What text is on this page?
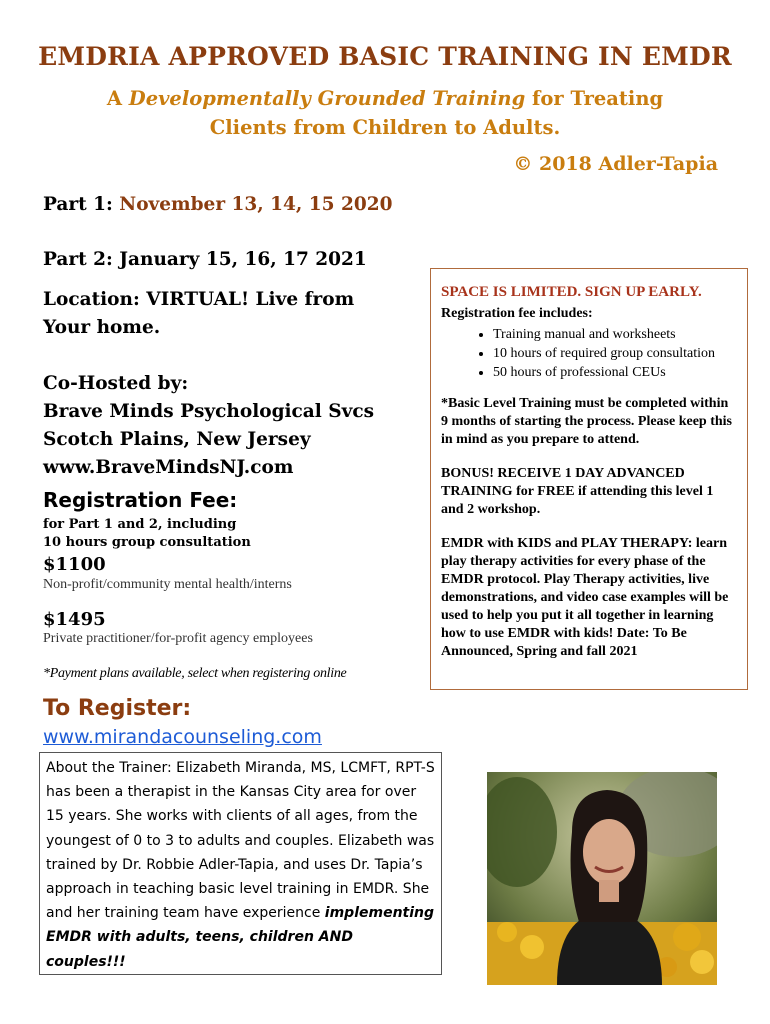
EMDRIA APPROVED BASIC TRAINING IN EMDR
A Developmentally Grounded Training for Treating
Clients from Children to Adults.
© 2018 Adler-Tapia
Part 1: November 13, 14, 15 2020
Part 2: January 15, 16, 17 2021
Location: VIRTUAL! Live from
Your home.
Co-Hosted by:
Brave Minds Psychological Svcs
Scotch Plains, New Jersey
www.BraveMindsNJ.com
Registration Fee:
for Part 1 and 2, including
10 hours group consultation
$1100
Non-profit/community mental health/interns
$1495
Private practitioner/for-profit agency employees
*Payment plans available, select when registering online

SPACE IS LIMITED. SIGN UP EARLY.

Registration fee includes:

• Training manual and worksheets
• 10 hours of required group consultation
• 50 hours of professional CEUs

*Basic Level Training must be completed within 9 months of starting the process. Please keep this in mind as you prepare to attend.

BONUS! RECEIVE 1 DAY ADVANCED TRAINING for FREE if attending this level 1 and 2 workshop.

EMDR with KIDS and PLAY THERAPY: learn play therapy activities for every phase of the EMDR protocol. Play Therapy activities, live demonstrations, and video case examples will be used to help you put it all together in learning how to use EMDR with kids! Date: To Be Announced, Spring and fall 2021

To Register:
www.mirandacounseling.com
About the Trainer: Elizabeth Miranda, MS, LCMFT, RPT-S has been a therapist in the Kansas City area for over 15 years. She works with clients of all ages, from the youngest of 0 to 3 to adults and couples. Elizabeth was trained by Dr. Robbie Adler-Tapia, and uses Dr. Tapia’s approach in teaching basic level training in EMDR. She and her training team have experience implementing EMDR with adults, teens, children AND couples!!!
